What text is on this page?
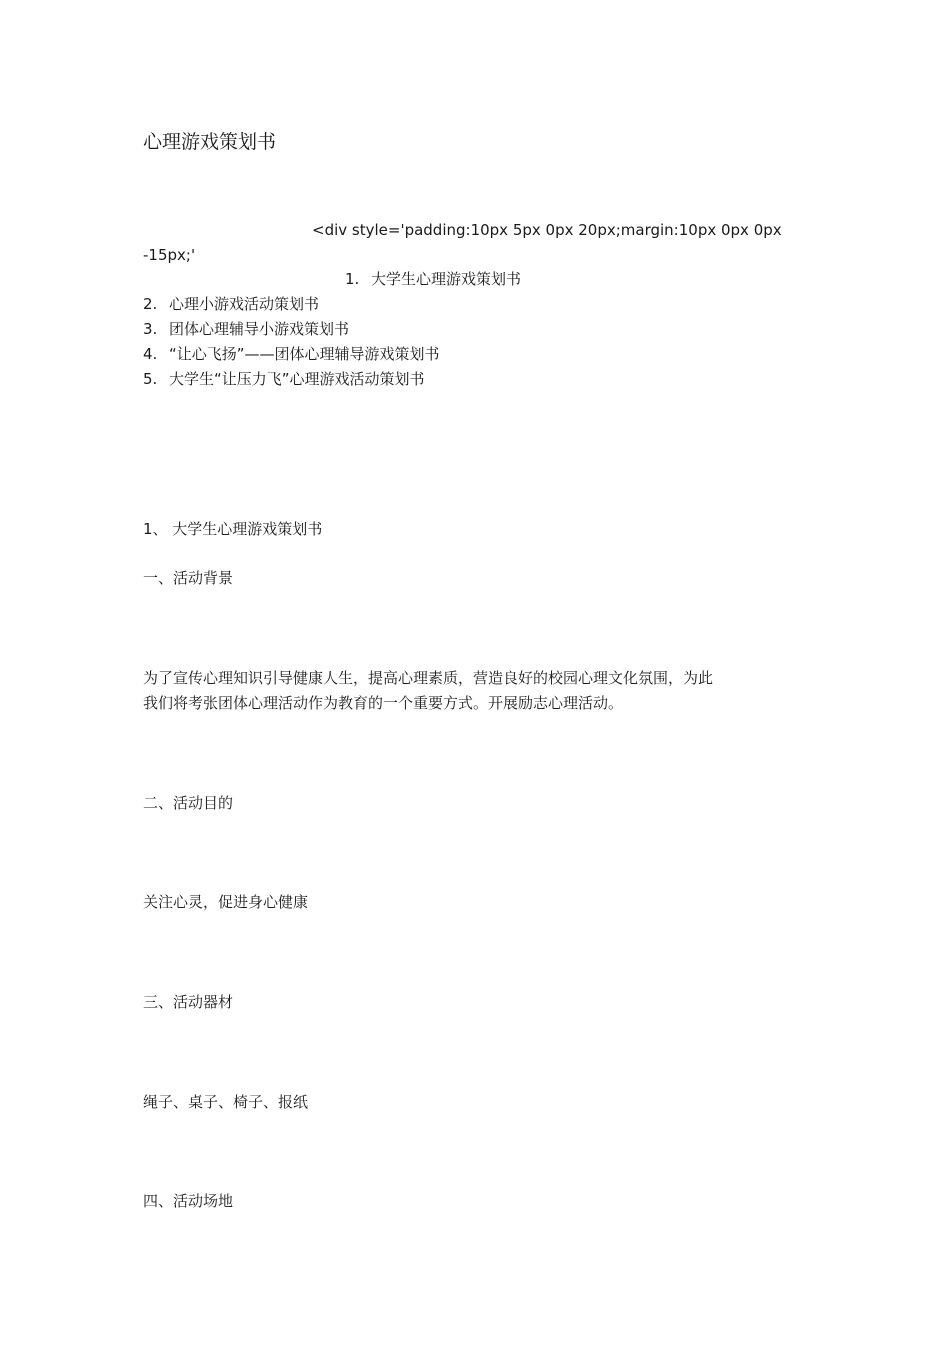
心理游戏策划书
<div style='padding:10px 5px 0px 20px;margin:10px 0px 0px
-15px;'
1. 大学生心理游戏策划书
2. 心理小游戏活动策划书
3. 团体心理辅导小游戏策划书
4. “让心飞扬”——团体心理辅导游戏策划书
5. 大学生“让压力飞”心理游戏活动策划书
1、 大学生心理游戏策划书
一、活动背景
为了宣传心理知识引导健康人生，提高心理素质，营造良好的校园心理文化氛围，为此
我们将考张团体心理活动作为教育的一个重要方式。开展励志心理活动。
二、活动目的
关注心灵，促进身心健康
三、活动器材
绳子、桌子、椅子、报纸
四、活动场地
